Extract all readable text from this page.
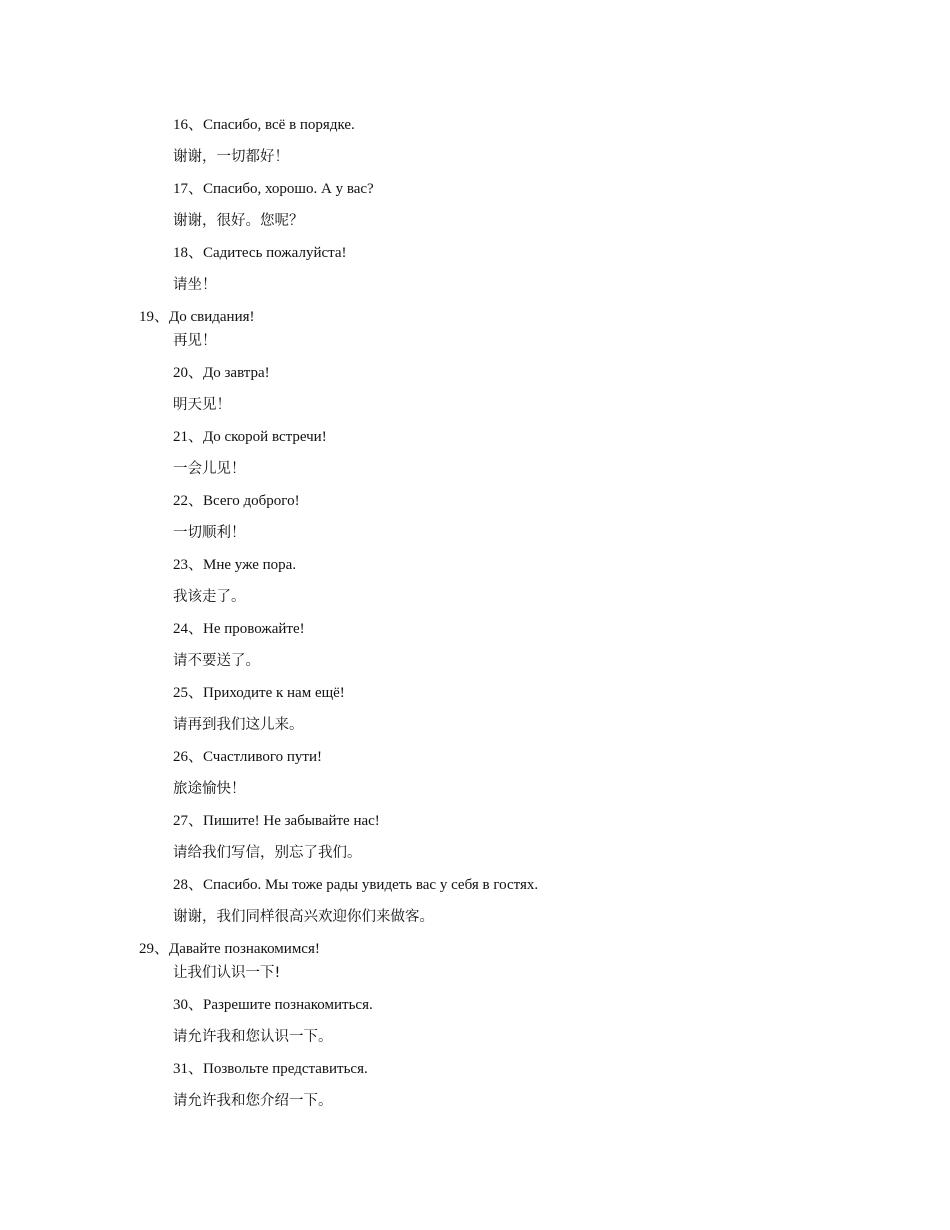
16、Спасибо, всё в порядке.
谢谢，一切都好！
17、Спасибо, хорошо. А у вас?
谢谢，很好。您呢？
18、Садитесь пожалуйста!
请坐！
19、До свидания!
再见！
20、До завтра!
明天见！
21、До скорой встречи!
一会儿见！
22、Всего доброго!
一切顺利！
23、Мне уже пора.
我该走了。
24、Не провожайте!
请不要送了。
25、Приходите к нам ещё!
请再到我们这儿来。
26、Счастливого пути!
旅途愉快！
27、Пишите! Не забывайте нас!
请给我们写信，别忘了我们。
28、Спасибо. Мы тоже рады увидеть вас у себя в гостях.
谢谢，我们同样很高兴欢迎你们来做客。
29、Давайте познакомимся!
让我们认识一下!
30、Разрешите познакомиться.
请允许我和您认识一下。
31、Позвольте представиться.
请允许我和您介绍一下。
